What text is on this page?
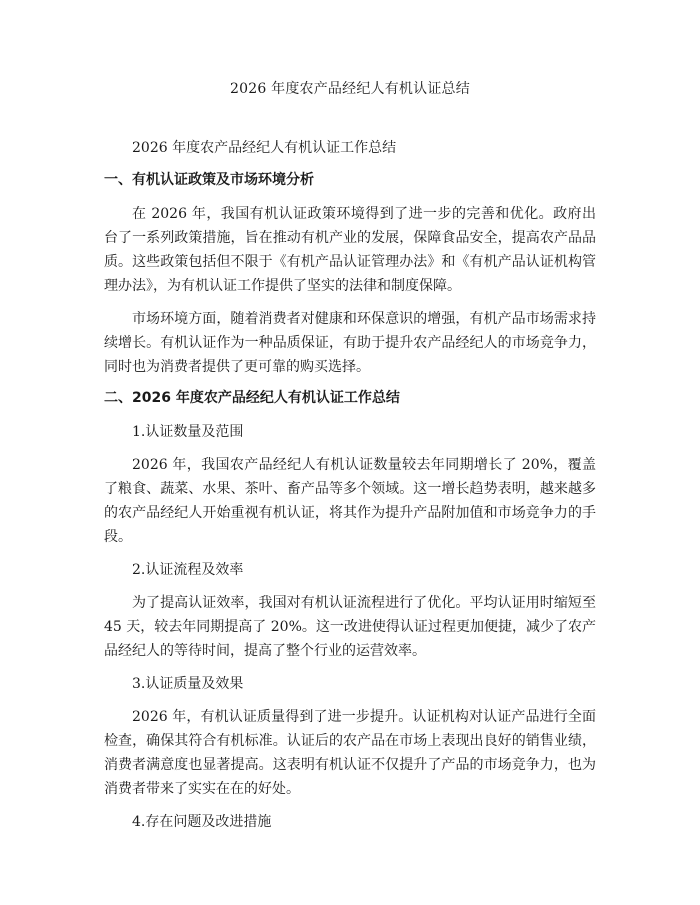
2026 年度农产品经纪人有机认证总结

2026 年度农产品经纪人有机认证工作总结

一、有机认证政策及市场环境分析

在 2026 年，我国有机认证政策环境得到了进一步的完善和优化。政府出台了一系列政策措施，旨在推动有机产业的发展，保障食品安全，提高农产品品质。这些政策包括但不限于《有机产品认证管理办法》和《有机产品认证机构管理办法》，为有机认证工作提供了坚实的法律和制度保障。

市场环境方面，随着消费者对健康和环保意识的增强，有机产品市场需求持续增长。有机认证作为一种品质保证，有助于提升农产品经纪人的市场竞争力，同时也为消费者提供了更可靠的购买选择。

二、2026 年度农产品经纪人有机认证工作总结

1.认证数量及范围

2026 年，我国农产品经纪人有机认证数量较去年同期增长了 20%，覆盖了粮食、蔬菜、水果、茶叶、畜产品等多个领域。这一增长趋势表明，越来越多的农产品经纪人开始重视有机认证，将其作为提升产品附加值和市场竞争力的手段。

2.认证流程及效率

为了提高认证效率，我国对有机认证流程进行了优化。平均认证用时缩短至 45 天，较去年同期提高了 20%。这一改进使得认证过程更加便捷，减少了农产品经纪人的等待时间，提高了整个行业的运营效率。

3.认证质量及效果

2026 年，有机认证质量得到了进一步提升。认证机构对认证产品进行全面检查，确保其符合有机标准。认证后的农产品在市场上表现出良好的销售业绩，消费者满意度也显著提高。这表明有机认证不仅提升了产品的市场竞争力，也为消费者带来了实实在在的好处。

4.存在问题及改进措施
